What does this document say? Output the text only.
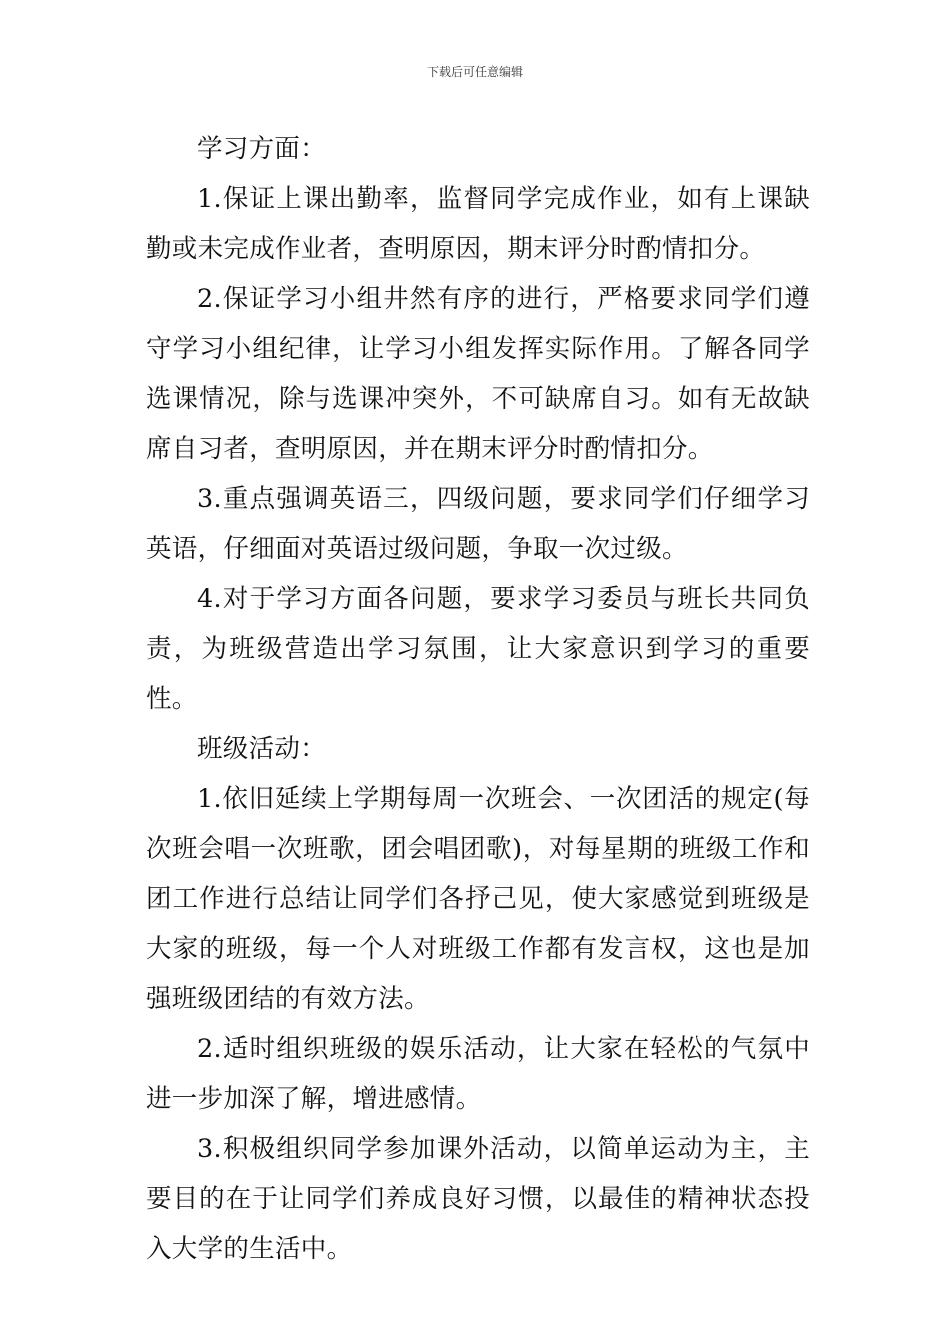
下载后可任意编辑

学习方面：

1.保证上课出勤率，监督同学完成作业，如有上课缺勤或未完成作业者，查明原因，期末评分时酌情扣分。

2.保证学习小组井然有序的进行，严格要求同学们遵守学习小组纪律，让学习小组发挥实际作用。了解各同学选课情况，除与选课冲突外，不可缺席自习。如有无故缺席自习者，查明原因，并在期末评分时酌情扣分。

3.重点强调英语三，四级问题，要求同学们仔细学习英语，仔细面对英语过级问题，争取一次过级。

4.对于学习方面各问题，要求学习委员与班长共同负责，为班级营造出学习氛围，让大家意识到学习的重要性。

班级活动：

1.依旧延续上学期每周一次班会、一次团活的规定(每次班会唱一次班歌，团会唱团歌)，对每星期的班级工作和团工作进行总结让同学们各抒己见，使大家感觉到班级是大家的班级，每一个人对班级工作都有发言权，这也是加强班级团结的有效方法。

2.适时组织班级的娱乐活动，让大家在轻松的气氛中进一步加深了解，增进感情。

3.积极组织同学参加课外活动，以简单运动为主，主要目的在于让同学们养成良好习惯，以最佳的精神状态投入大学的生活中。
